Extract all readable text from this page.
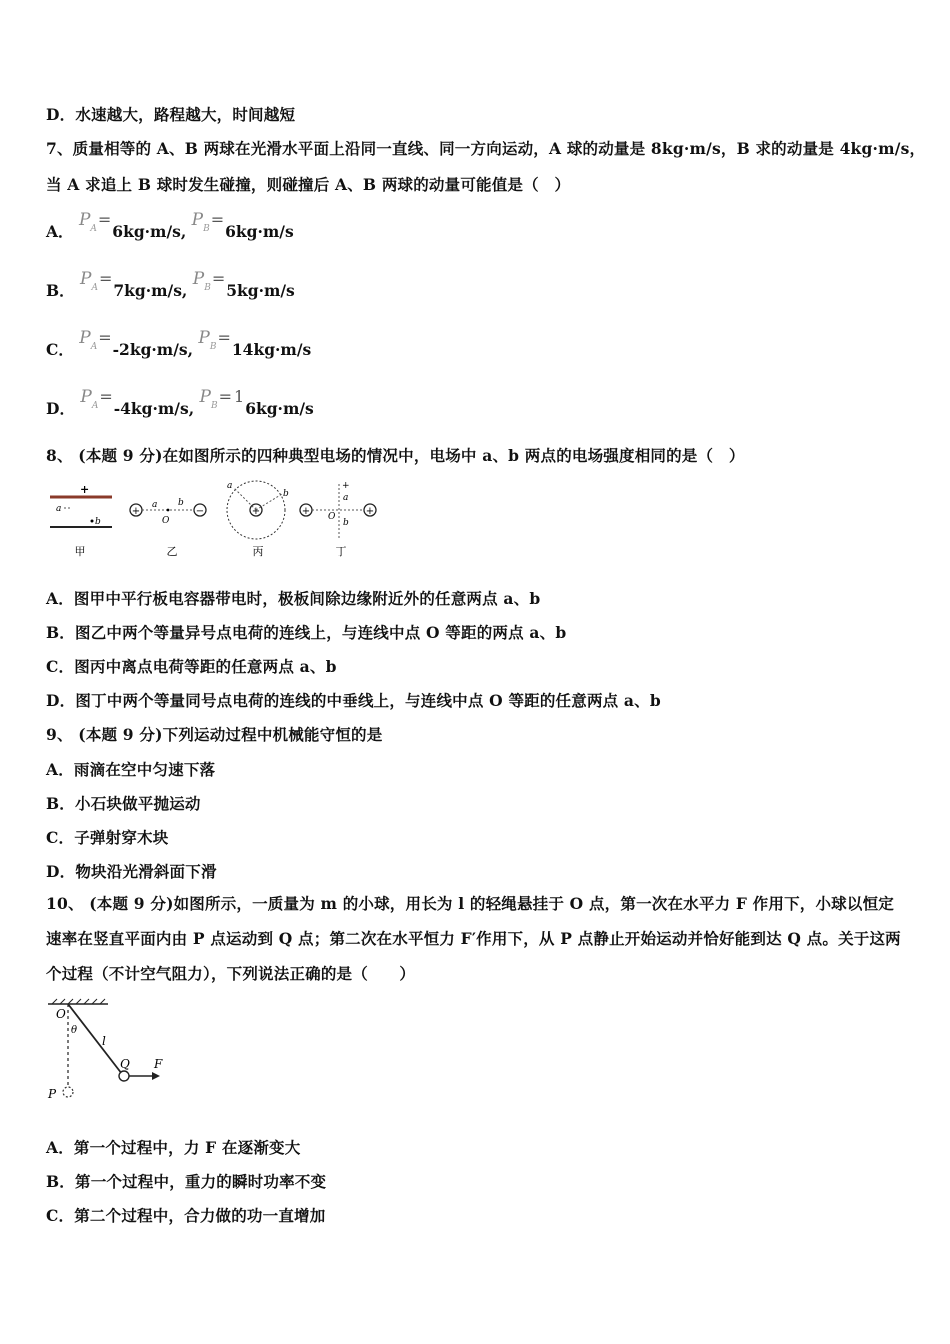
D．水速越大，路程越大，时间越短
7、质量相等的 A、B 两球在光滑水平面上沿同一直线、同一方向运动，A 球的动量是 8kg·m/s，B 求的动量是 4kg·m/s，
当 A 求追上 B 球时发生碰撞，则碰撞后 A、B 两球的动量可能值是（　）
A． $P^A=6kg\cdot m/s$, $P^B=6kg\cdot m/s$
B． $P^A=7kg\cdot m/s$, $P^B=5kg\cdot m/s$
C． $P^A=-2kg\cdot m/s$, $P^B=14kg\cdot m/s$
D． $P^A=-4kg\cdot m/s$, $P^B= 16kg\cdot m/s$
8、 (本题 9 分)在如图所示的四种典型电场的情况中，电场中 a、b 两点的电场强度相同的是（　）
+
a
b
甲
+
a b
O
−
乙
+
a
b
丙
+
+
a
O
b
+
丁
A．图甲中平行板电容器带电时，极板间除边缘附近外的任意两点 a、b
B．图乙中两个等量异号点电荷的连线上，与连线中点 O 等距的两点 a、b
C．图丙中离点电荷等距的任意两点 a、b
D．图丁中两个等量同号点电荷的连线的中垂线上，与连线中点 O 等距的任意两点 a、b
9、 (本题 9 分)下列运动过程中机械能守恒的是
A．雨滴在空中匀速下落
B．小石块做平抛运动
C．子弹射穿木块
D．物块沿光滑斜面下滑
10、 (本题 9 分)如图所示，一质量为 m 的小球，用长为 l 的轻绳悬挂于 O 点，第一次在水平力 F 作用下，小球以恒定速率在竖直平面内由 P 点运动到 Q 点；第二次在水平恒力 F′作用下，从 P 点静止开始运动并恰好能到达 Q 点。关于这两个过程（不计空气阻力），下列说法正确的是（　　）
O
θ
l
Q F
P
A．第一个过程中，力 F 在逐渐变大
B．第一个过程中，重力的瞬时功率不变
C．第二个过程中，合力做的功一直增加
